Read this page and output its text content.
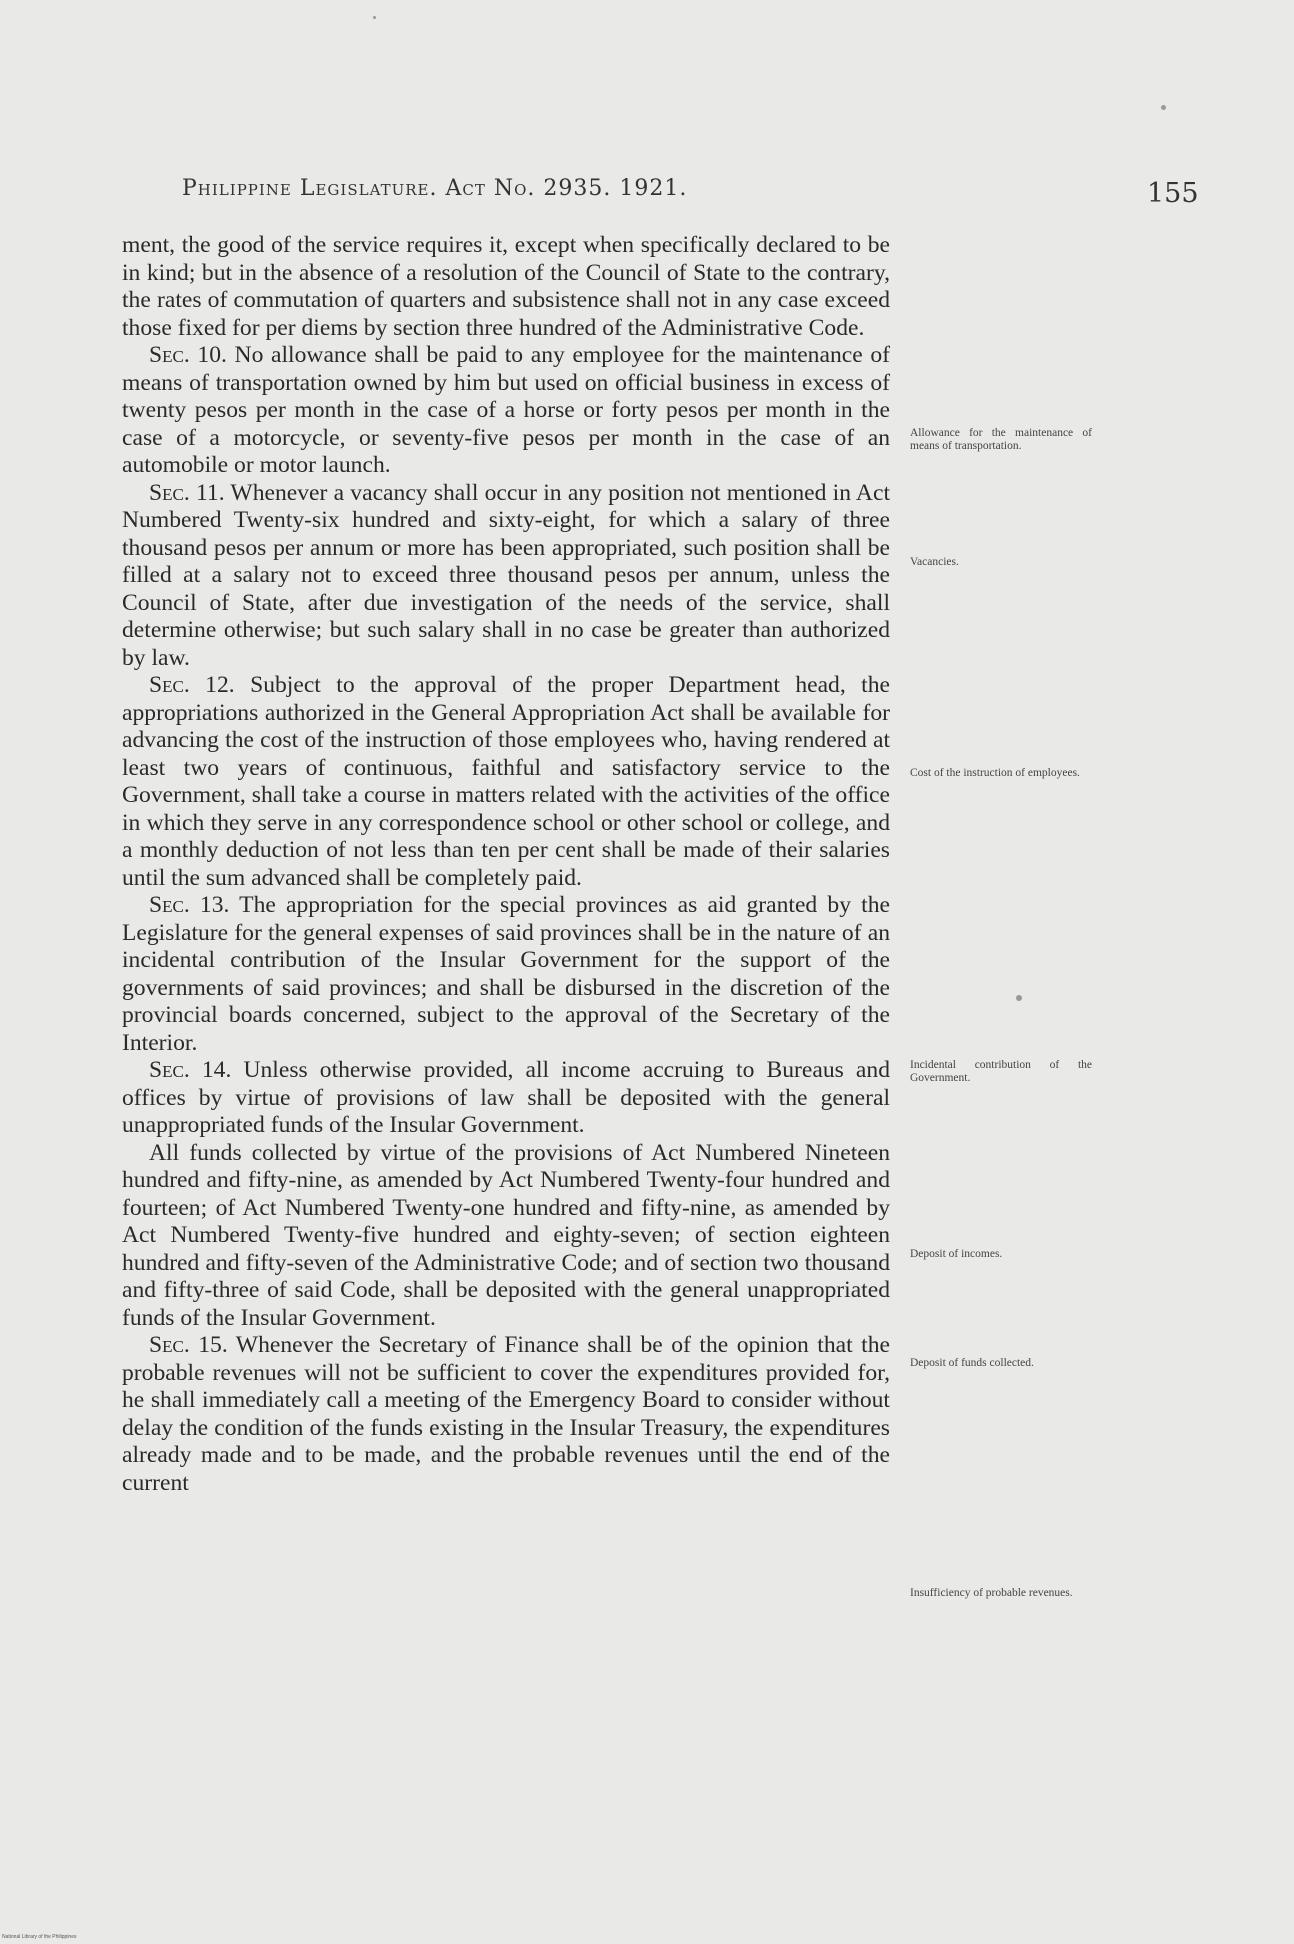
Philippine Legislature. Act No. 2935. 1921.	155

ment, the good of the service requires it, except when specifically declared to be in kind; but in the absence of a resolution of the Council of State to the contrary, the rates of commutation of quarters and subsistence shall not in any case exceed those fixed for per diems by section three hundred of the Administrative Code.

Sec. 10. No allowance shall be paid to any employee for the maintenance of means of transportation owned by him but used on official business in excess of twenty pesos per month in the case of a horse or forty pesos per month in the case of a motorcycle, or seventy-five pesos per month in the case of an automobile or motor launch.

Sec. 11. Whenever a vacancy shall occur in any position not mentioned in Act Numbered Twenty-six hundred and sixty-eight, for which a salary of three thousand pesos per annum or more has been appropriated, such position shall be filled at a salary not to exceed three thousand pesos per annum, unless the Council of State, after due investigation of the needs of the service, shall determine otherwise; but such salary shall in no case be greater than authorized by law.

Sec. 12. Subject to the approval of the proper Department head, the appropriations authorized in the General Appropriation Act shall be available for advancing the cost of the instruction of those employees who, having rendered at least two years of continuous, faithful and satisfactory service to the Government, shall take a course in matters related with the activities of the office in which they serve in any correspondence school or other school or college, and a monthly deduction of not less than ten per cent shall be made of their salaries until the sum advanced shall be completely paid.

Sec. 13. The appropriation for the special provinces as aid granted by the Legislature for the general expenses of said provinces shall be in the nature of an incidental contribution of the Insular Government for the support of the governments of said provinces; and shall be disbursed in the discretion of the provincial boards concerned, subject to the approval of the Secretary of the Interior.

Sec. 14. Unless otherwise provided, all income accruing to Bureaus and offices by virtue of provisions of law shall be deposited with the general unappropriated funds of the Insular Government.

All funds collected by virtue of the provisions of Act Numbered Nineteen hundred and fifty-nine, as amended by Act Numbered Twenty-four hundred and fourteen; of Act Numbered Twenty-one hundred and fifty-nine, as amended by Act Numbered Twenty-five hundred and eighty-seven; of section eighteen hundred and fifty-seven of the Administrative Code; and of section two thousand and fifty-three of said Code, shall be deposited with the general unappropriated funds of the Insular Government.

Sec. 15. Whenever the Secretary of Finance shall be of the opinion that the probable revenues will not be sufficient to cover the expenditures provided for, he shall immediately call a meeting of the Emergency Board to consider without delay the condition of the funds existing in the Insular Treasury, the expenditures already made and to be made, and the probable revenues until the end of the current

Allowance for the maintenance of means of transportation.
Vacancies.
Cost of the instruction of employees.
Incidental contribution of the Government.
Deposit of incomes.
Deposit of funds collected.
Insufficiency of probable revenues.
National Library of the Philippines
